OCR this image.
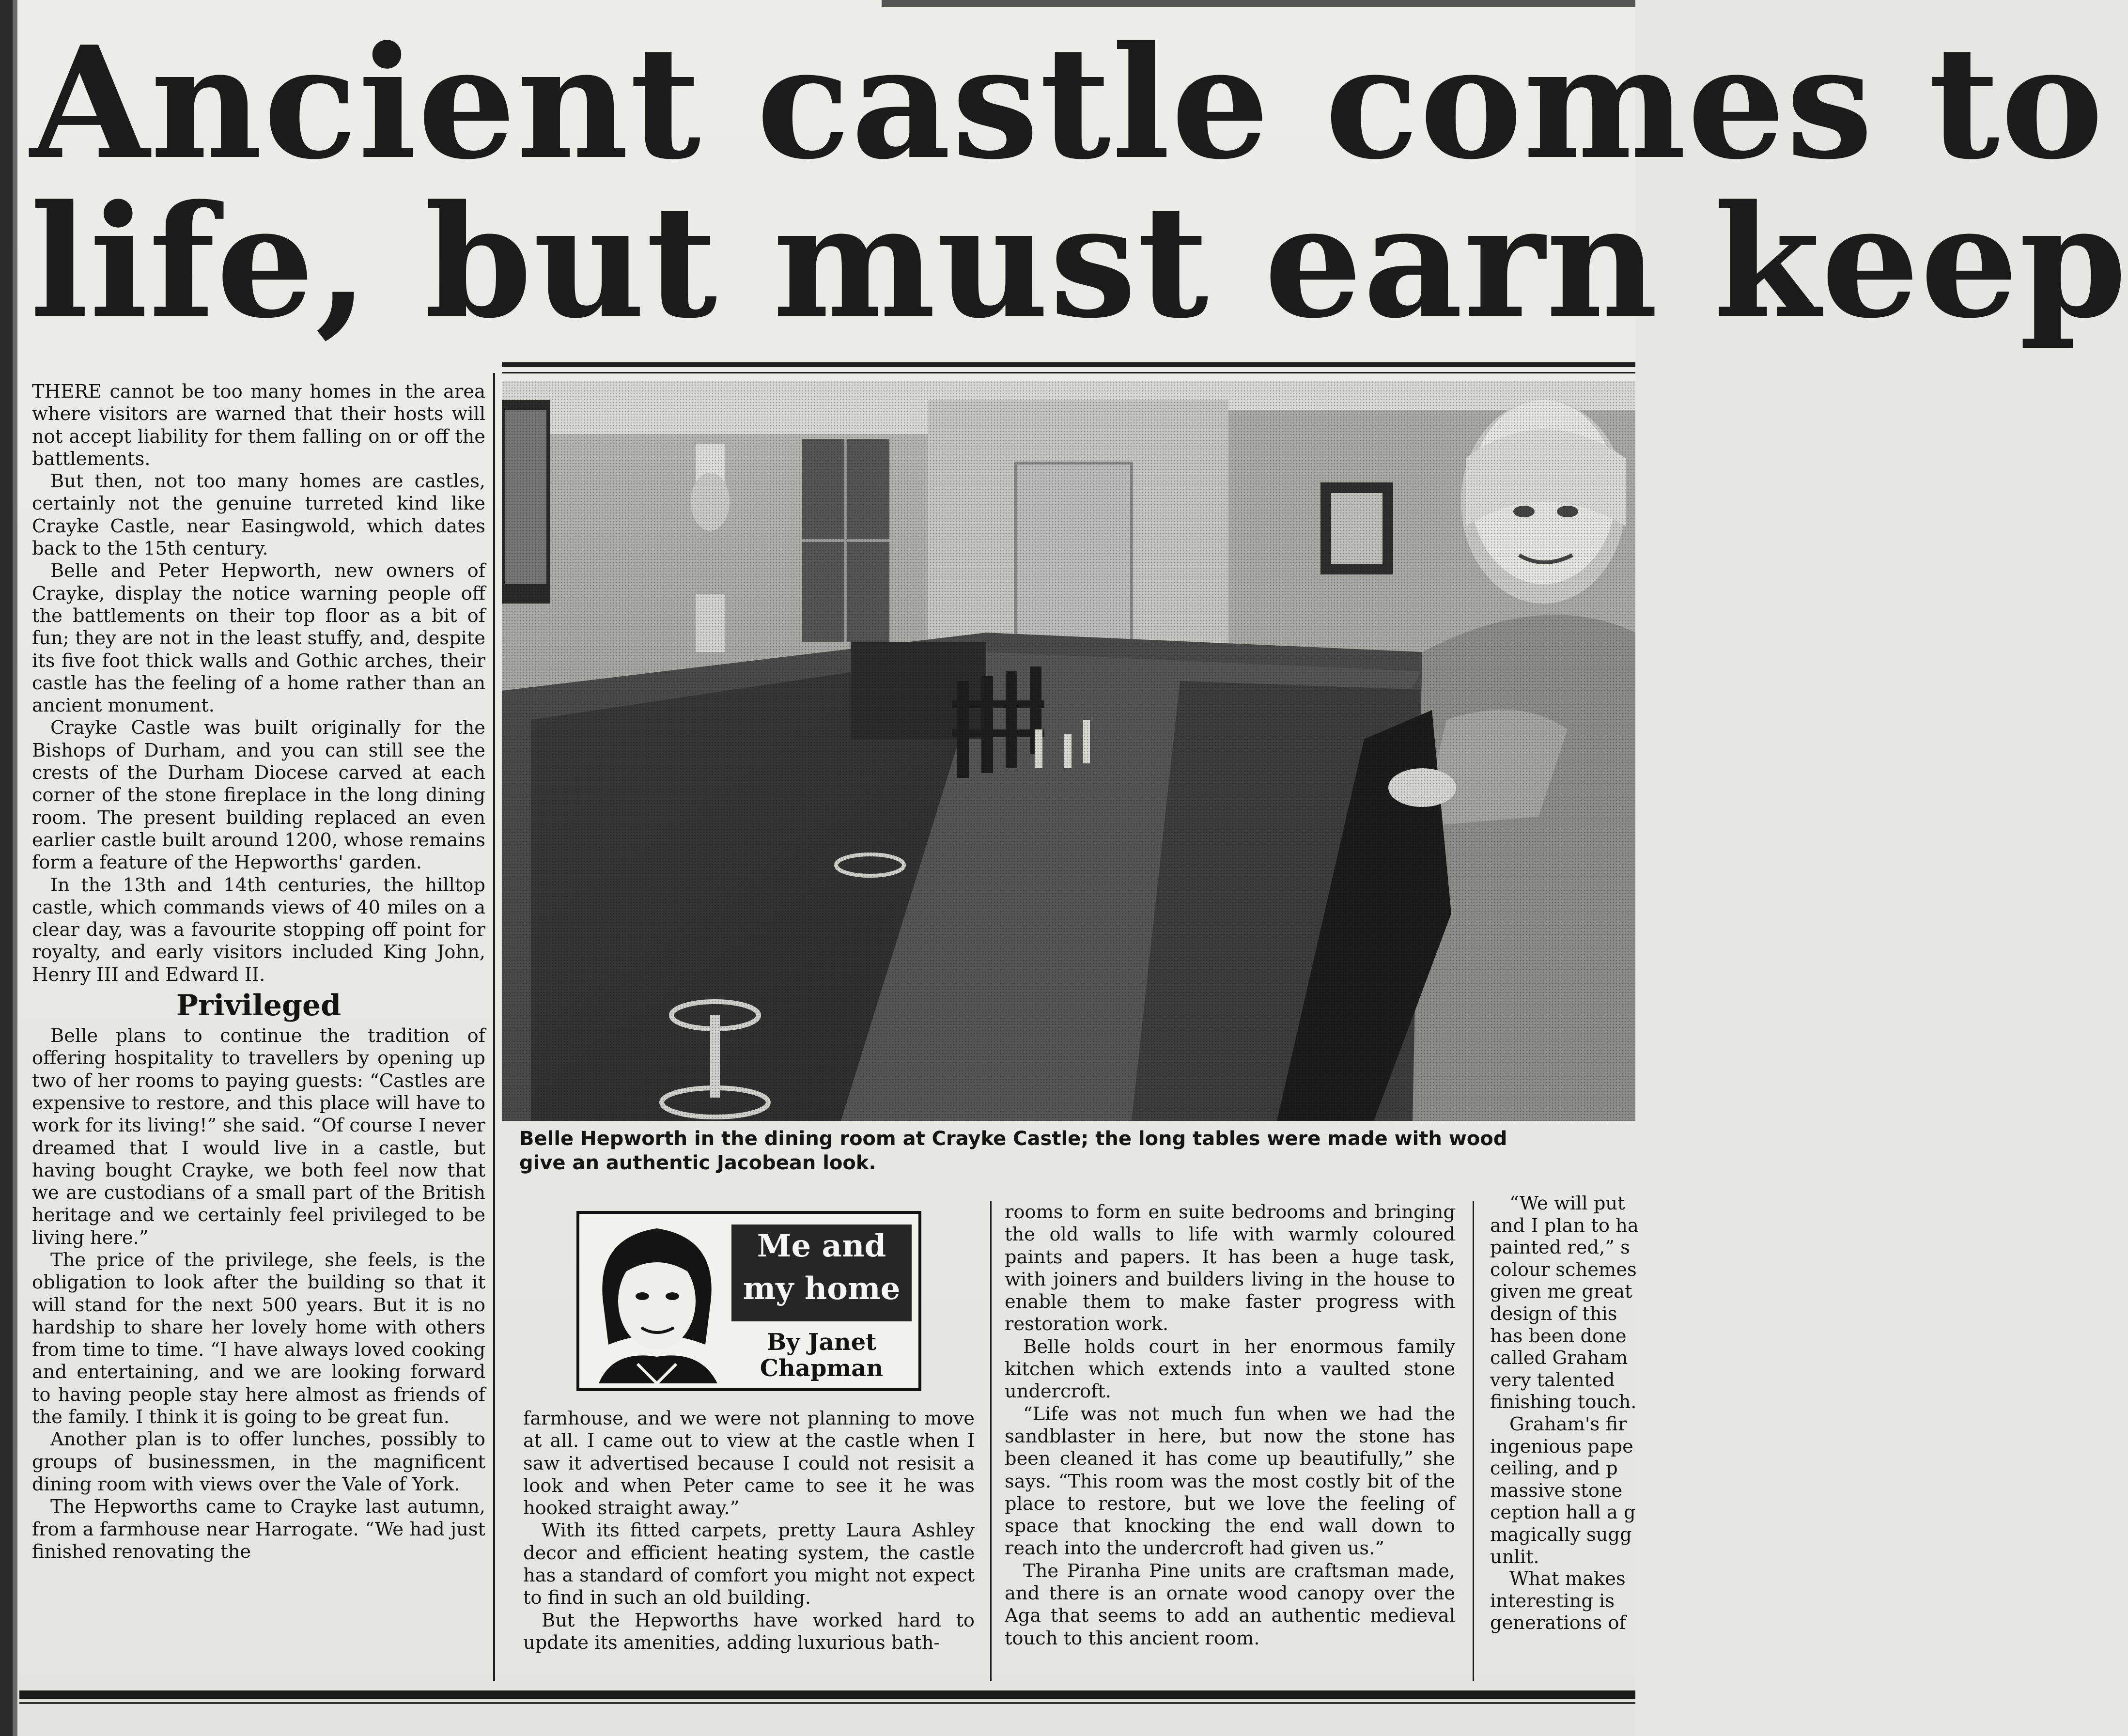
Ancient castle comes to
life, but must earn keep

THERE cannot be too many homes in the area where visitors are warned that their hosts will not accept liability for them falling on or off the battlements.

But then, not too many homes are castles, certainly not the genuine turreted kind like Crayke Castle, near Easingwold, which dates back to the 15th century.

Belle and Peter Hepworth, new owners of Crayke, display the notice warning people off the battlements on their top floor as a bit of fun; they are not in the least stuffy, and, despite its five foot thick walls and Gothic arches, their castle has the feeling of a home rather than an ancient monument.

Crayke Castle was built originally for the Bishops of Durham, and you can still see the crests of the Durham Diocese carved at each corner of the stone fireplace in the long dining room. The present building replaced an even earlier castle built around 1200, whose remains form a feature of the Hepworths' garden.

In the 13th and 14th centuries, the hilltop castle, which commands views of 40 miles on a clear day, was a favourite stopping off point for royalty, and early visitors included King John, Henry III and Edward II.

Privileged

Belle plans to continue the tradition of offering hospitality to travellers by opening up two of her rooms to paying guests: “Castles are expensive to restore, and this place will have to work for its living!” she said. “Of course I never dreamed that I would live in a castle, but having bought Crayke, we both feel now that we are custodians of a small part of the British heritage and we certainly feel privileged to be living here.”

The price of the privilege, she feels, is the obligation to look after the building so that it will stand for the next 500 years. But it is no hardship to share her lovely home with others from time to time. “I have always loved cooking and entertaining, and we are looking forward to having people stay here almost as friends of the family. I think it is going to be great fun.

Another plan is to offer lunches, possibly to groups of businessmen, in the magnificent dining room with views over the Vale of York.

The Hepworths came to Crayke last autumn, from a farmhouse near Harrogate. “We had just finished renovating the

Belle Hepworth in the dining room at Crayke Castle; the long tables were made with wood
give an authentic Jacobean look.
Me and
my home
By Janet
Chapman

farmhouse, and we were not planning to move at all. I came out to view at the castle when I saw it advertised because I could not resisit a look and when Peter came to see it he was hooked straight away.”

With its fitted carpets, pretty Laura Ashley decor and efficient heating system, the castle has a standard of comfort you might not expect to find in such an old building.

But the Hepworths have worked hard to update its amenities, adding luxurious bath-

rooms to form en suite bedrooms and bringing the old walls to life with warmly coloured paints and papers. It has been a huge task, with joiners and builders living in the house to enable them to make faster progress with restoration work.

Belle holds court in her enormous family kitchen which extends into a vaulted stone undercroft.

“Life was not much fun when we had the sandblaster in here, but now the stone has been cleaned it has come up beautifully,” she says. “This room was the most costly bit of the place to restore, but we love the feeling of space that knocking the end wall down to reach into the undercroft had given us.”

The Piranha Pine units are craftsman made, and there is an ornate wood canopy over the Aga that seems to add an authentic medieval touch to this ancient room.

“We will put
and I plan to ha
painted red,” s
colour schemes
given me great
design of this
has been done
called Graham
very talented
finishing touch.
Graham's fir
ingenious pape
ceiling, and p
massive stone
ception hall a g
magically sugg
unlit.
What makes
interesting is
generations of
